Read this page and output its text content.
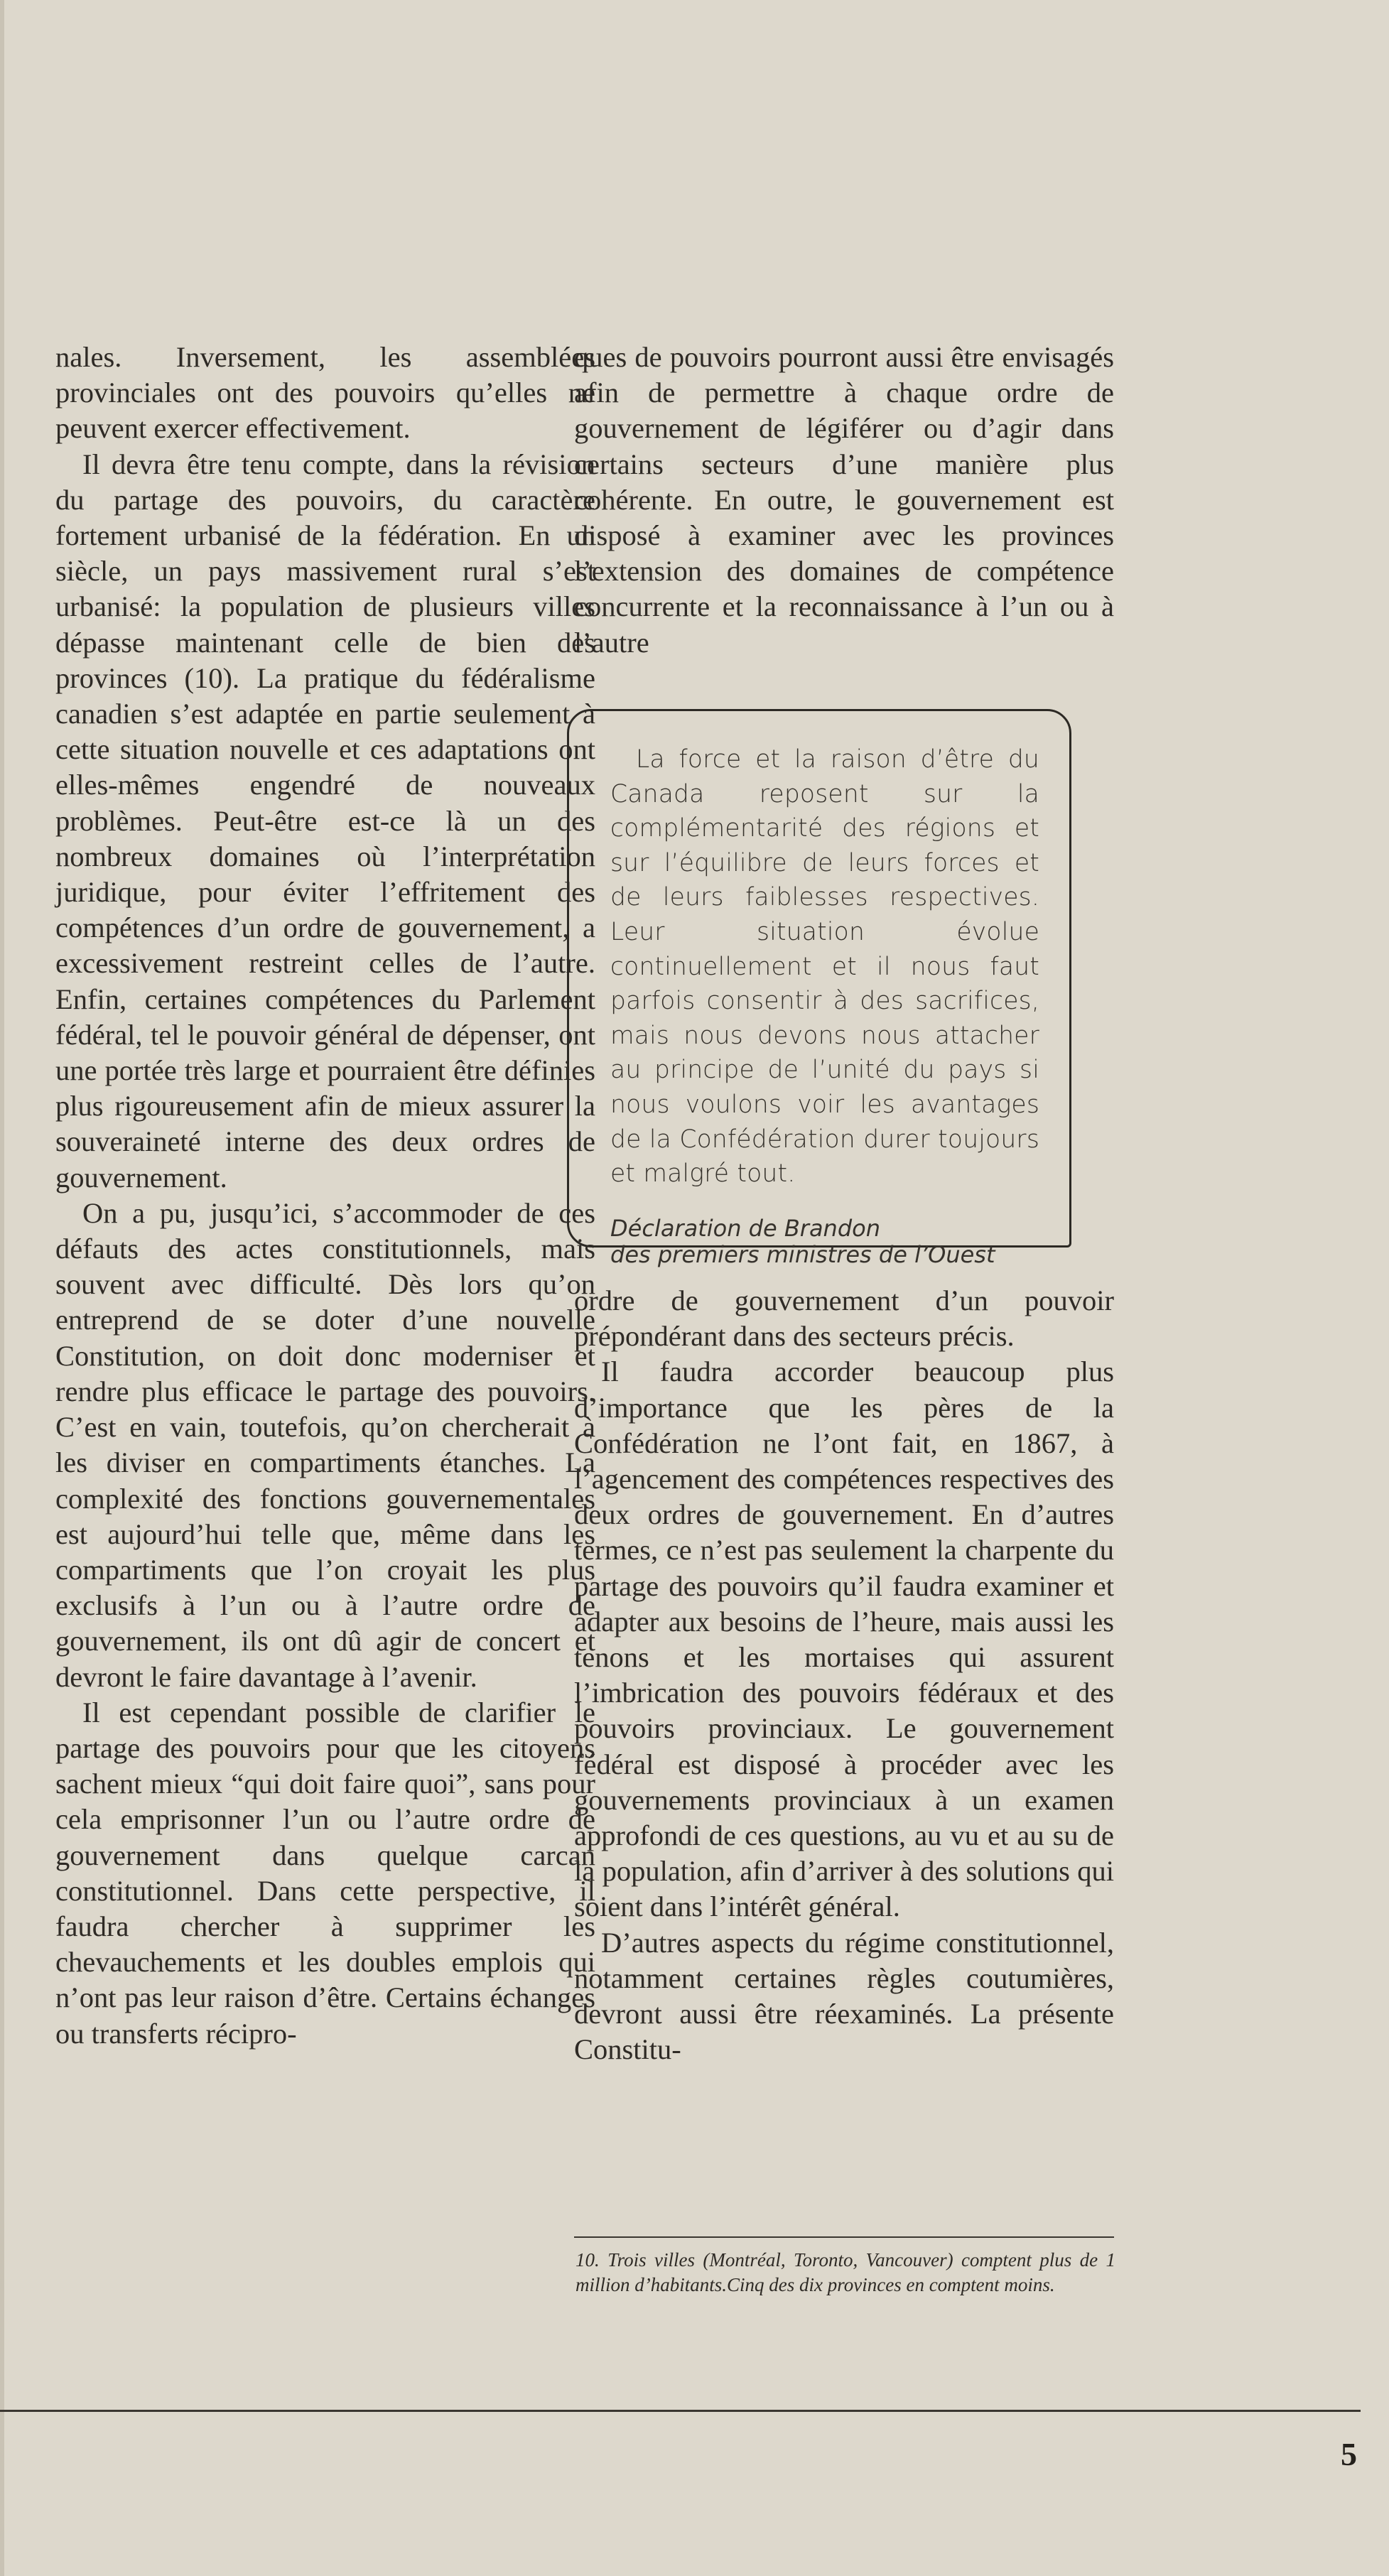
nales. Inversement, les assemblées provinciales ont des pouvoirs qu’elles ne peuvent exercer effectivement.

Il devra être tenu compte, dans la révision du partage des pouvoirs, du caractère fortement urbanisé de la fédération. En un siècle, un pays massivement rural s’est urbanisé: la population de plusieurs villes dépasse maintenant celle de bien des provinces (10). La pratique du fédéralisme canadien s’est adaptée en partie seulement à cette situation nouvelle et ces adaptations ont elles-mêmes engendré de nouveaux problèmes. Peut-être est-ce là un des nombreux domaines où l’interprétation juridique, pour éviter l’effritement des compétences d’un ordre de gouvernement, a excessivement restreint celles de l’autre. Enfin, certaines compétences du Parlement fédéral, tel le pouvoir général de dépenser, ont une portée très large et pourraient être définies plus rigoureusement afin de mieux assurer la souveraineté interne des deux ordres de gouvernement.

On a pu, jusqu’ici, s’accommoder de ces défauts des actes constitutionnels, mais souvent avec difficulté. Dès lors qu’on entreprend de se doter d’une nouvelle Constitution, on doit donc moderniser et rendre plus efficace le partage des pouvoirs. C’est en vain, toutefois, qu’on chercherait à les diviser en compartiments étanches. La complexité des fonctions gouvernementales est aujourd’hui telle que, même dans les compartiments que l’on croyait les plus exclusifs à l’un ou à l’autre ordre de gouvernement, ils ont dû agir de concert et devront le faire davantage à l’avenir.

Il est cependant possible de clarifier le partage des pouvoirs pour que les citoyens sachent mieux “qui doit faire quoi”, sans pour cela emprisonner l’un ou l’autre ordre de gouvernement dans quelque carcan constitutionnel. Dans cette perspective, il faudra chercher à supprimer les chevauchements et les doubles emplois qui n’ont pas leur raison d’être. Certains échanges ou transferts récipro-

ques de pouvoirs pourront aussi être envisagés afin de permettre à chaque ordre de gouvernement de légiférer ou d’agir dans certains secteurs d’une manière plus cohérente. En outre, le gouvernement est disposé à examiner avec les provinces l’extension des domaines de compétence concurrente et la reconnaissance à l’un ou à l’autre

La force et la raison d’être du Canada reposent sur la complémentarité des régions et sur l’équilibre de leurs forces et de leurs faiblesses respectives. Leur situation évolue continuellement et il nous faut parfois consentir à des sacrifices, mais nous devons nous attacher au principe de l’unité du pays si nous voulons voir les avantages de la Confédération durer toujours et malgré tout.

Déclaration de Brandon
des premiers ministres de l’Ouest

ordre de gouvernement d’un pouvoir prépondérant dans des secteurs précis.

Il faudra accorder beaucoup plus d’importance que les pères de la Confédération ne l’ont fait, en 1867, à l’agencement des compétences respectives des deux ordres de gouvernement. En d’autres termes, ce n’est pas seulement la charpente du partage des pouvoirs qu’il faudra examiner et adapter aux besoins de l’heure, mais aussi les tenons et les mortaises qui assurent l’imbrication des pouvoirs fédéraux et des pouvoirs provinciaux. Le gouvernement fédéral est disposé à procéder avec les gouvernements provinciaux à un examen approfondi de ces questions, au vu et au su de la population, afin d’arriver à des solutions qui soient dans l’intérêt général.

D’autres aspects du régime constitutionnel, notamment certaines règles coutumières, devront aussi être réexaminés. La présente Constitu-

10. Trois villes (Montréal, Toronto, Vancouver) comptent plus de 1 million d’habitants.Cinq des dix provinces en comptent moins.
5
